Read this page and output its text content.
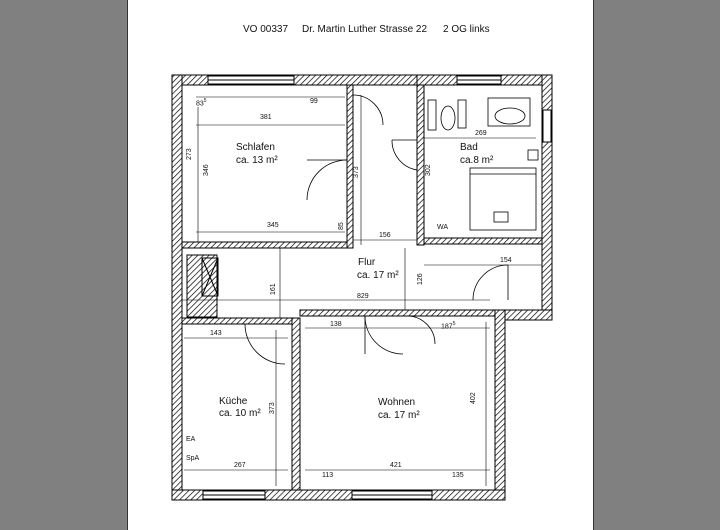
VO 00337 Dr. Martin Luther Strasse 22 2 OG links
Schlafen
ca. 13 m²
Bad
ca.8 m²
Flur
ca. 17 m²
Küche
ca. 10 m²
Wohnen
ca. 17 m²
$83^5$	99
381
345
156
269
154
829
143
138	$187^5$
267
113
421
135
273
346
85
373	302
126
161
373
402
WA
EA
SpA
